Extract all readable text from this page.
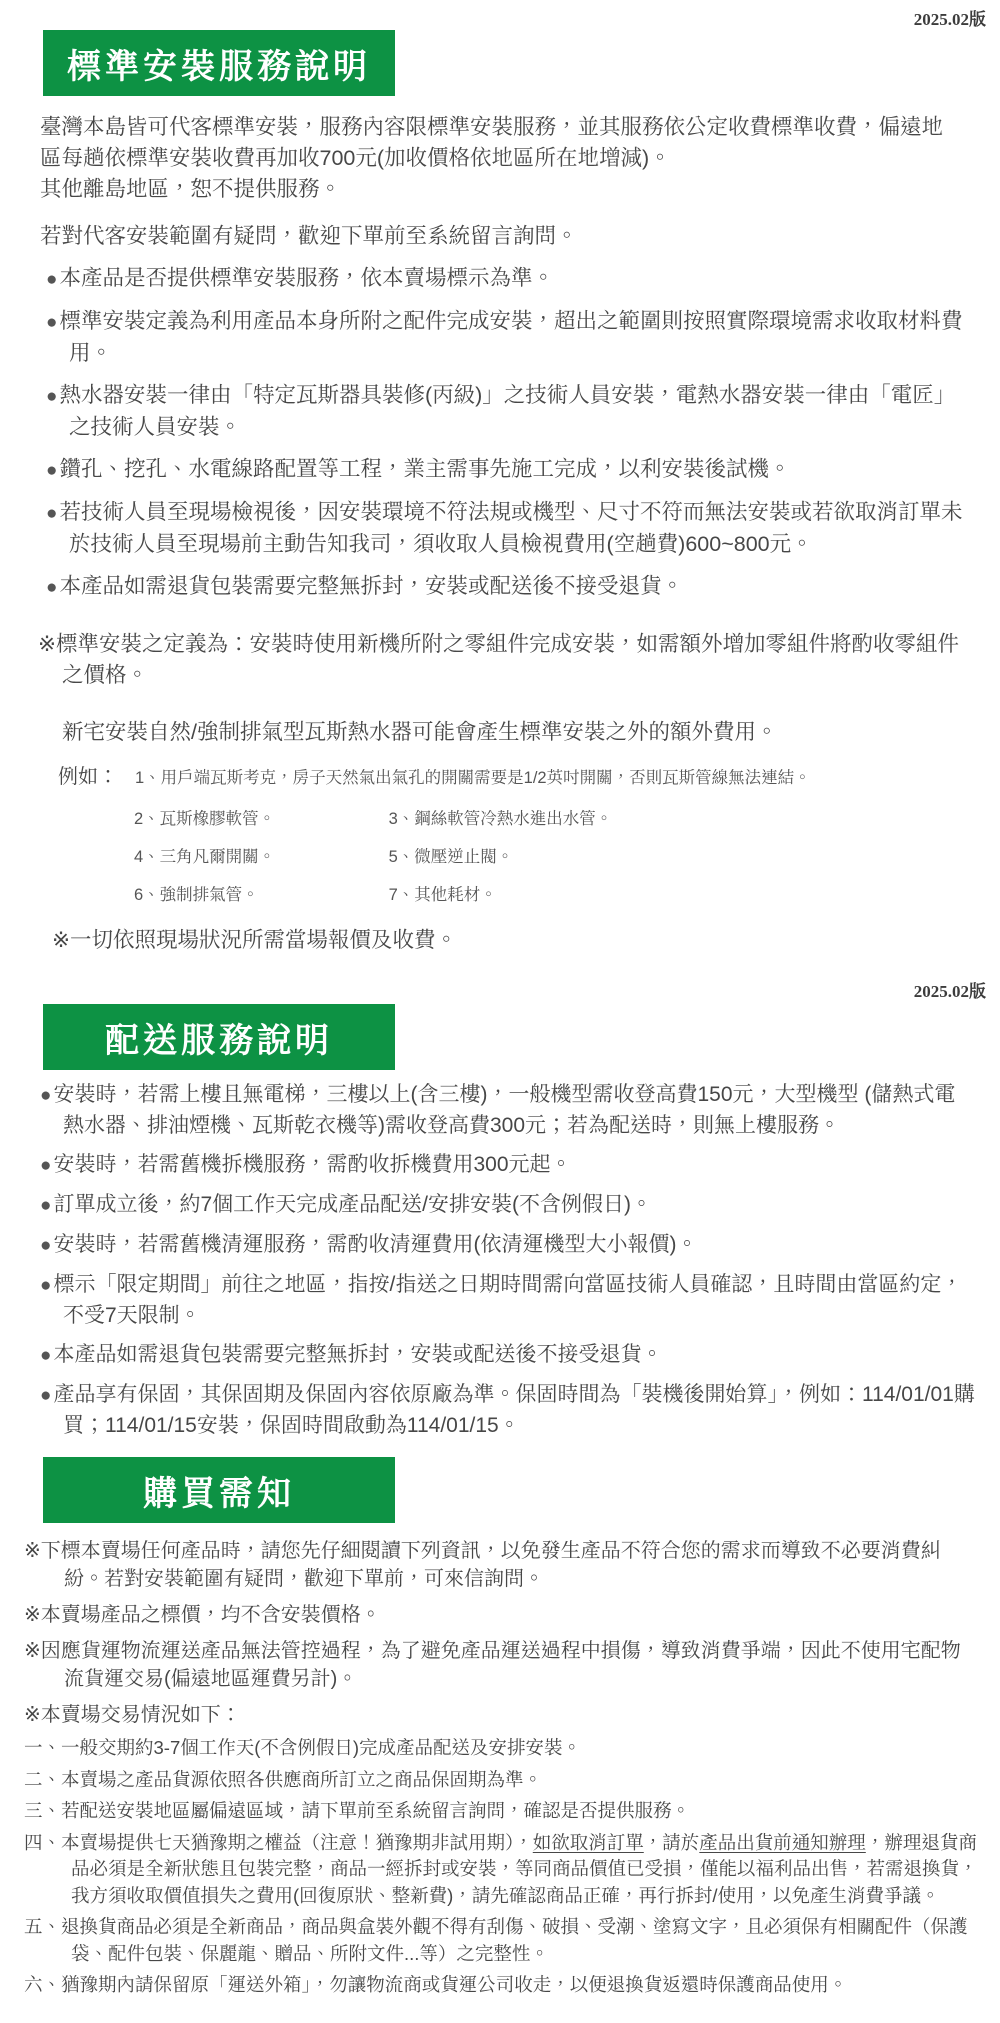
2025.02版
標準安裝服務說明
臺灣本島皆可代客標準安裝，服務內容限標準安裝服務，並其服務依公定收費標準收費，偏遠地區每趟依標準安裝收費再加收700元(加收價格依地區所在地增減)。
其他離島地區，恕不提供服務。
若對代客安裝範圍有疑問，歡迎下單前至系統留言詢問。
●本產品是否提供標準安裝服務，依本賣場標示為準。
●標準安裝定義為利用產品本身所附之配件完成安裝，超出之範圍則按照實際環境需求收取材料費用。
●熱水器安裝一律由「特定瓦斯器具裝修(丙級)」之技術人員安裝，電熱水器安裝一律由「電匠」之技術人員安裝。
●鑽孔、挖孔、水電線路配置等工程，業主需事先施工完成，以利安裝後試機。
●若技術人員至現場檢視後，因安裝環境不符法規或機型、尺寸不符而無法安裝或若欲取消訂單未於技術人員至現場前主動告知我司，須收取人員檢視費用(空趟費)600~800元。
●本產品如需退貨包裝需要完整無拆封，安裝或配送後不接受退貨。
※標準安裝之定義為：安裝時使用新機所附之零組件完成安裝，如需額外增加零組件將酌收零組件之價格。
新宅安裝自然/強制排氣型瓦斯熱水器可能會產生標準安裝之外的額外費用。
例如： 1、用戶端瓦斯考克，房子天然氣出氣孔的開關需要是1/2英吋開關，否則瓦斯管線無法連結。
2、瓦斯橡膠軟管。	3、鋼絲軟管冷熱水進出水管。
4、三角凡爾開關。	5、微壓逆止閥。
6、強制排氣管。	7、其他耗材。
※一切依照現場狀況所需當場報價及收費。
2025.02版
配送服務說明
●安裝時，若需上樓且無電梯，三樓以上(含三樓)，一般機型需收登高費150元，大型機型 (儲熱式電熱水器、排油煙機、瓦斯乾衣機等)需收登高費300元；若為配送時，則無上樓服務。
●安裝時，若需舊機拆機服務，需酌收拆機費用300元起。
●訂單成立後，約7個工作天完成產品配送/安排安裝(不含例假日)。
●安裝時，若需舊機清運服務，需酌收清運費用(依清運機型大小報價)。
●標示「限定期間」前往之地區，指按/指送之日期時間需向當區技術人員確認，且時間由當區約定，不受7天限制。
●本產品如需退貨包裝需要完整無拆封，安裝或配送後不接受退貨。
●產品享有保固，其保固期及保固內容依原廠為準。保固時間為「裝機後開始算」，例如：114/01/01購買；114/01/15安裝，保固時間啟動為114/01/15。
購買需知
※下標本賣場任何產品時，請您先仔細閱讀下列資訊，以免發生產品不符合您的需求而導致不必要消費糾紛。若對安裝範圍有疑問，歡迎下單前，可來信詢問。
※本賣場產品之標價，均不含安裝價格。
※因應貨運物流運送產品無法管控過程，為了避免產品運送過程中損傷，導致消費爭端，因此不使用宅配物流貨運交易(偏遠地區運費另計)。
※本賣場交易情況如下：
一、一般交期約3-7個工作天(不含例假日)完成產品配送及安排安裝。
二、本賣場之產品貨源依照各供應商所訂立之商品保固期為準。
三、若配送安裝地區屬偏遠區域，請下單前至系統留言詢問，確認是否提供服務。
四、本賣場提供七天猶豫期之權益（注意！猶豫期非試用期），如欲取消訂單，請於產品出貨前通知辦理，辦理退貨商品必須是全新狀態且包裝完整，商品一經拆封或安裝，等同商品價值已受損，僅能以福利品出售，若需退換貨，我方須收取價值損失之費用(回復原狀、整新費)，請先確認商品正確，再行拆封/使用，以免產生消費爭議。
五、退換貨商品必須是全新商品，商品與盒裝外觀不得有刮傷、破損、受潮、塗寫文字，且必須保有相關配件（保護袋、配件包裝、保麗龍、贈品、所附文件...等）之完整性。
六、猶豫期內請保留原「運送外箱」，勿讓物流商或貨運公司收走，以便退換貨返還時保護商品使用。
